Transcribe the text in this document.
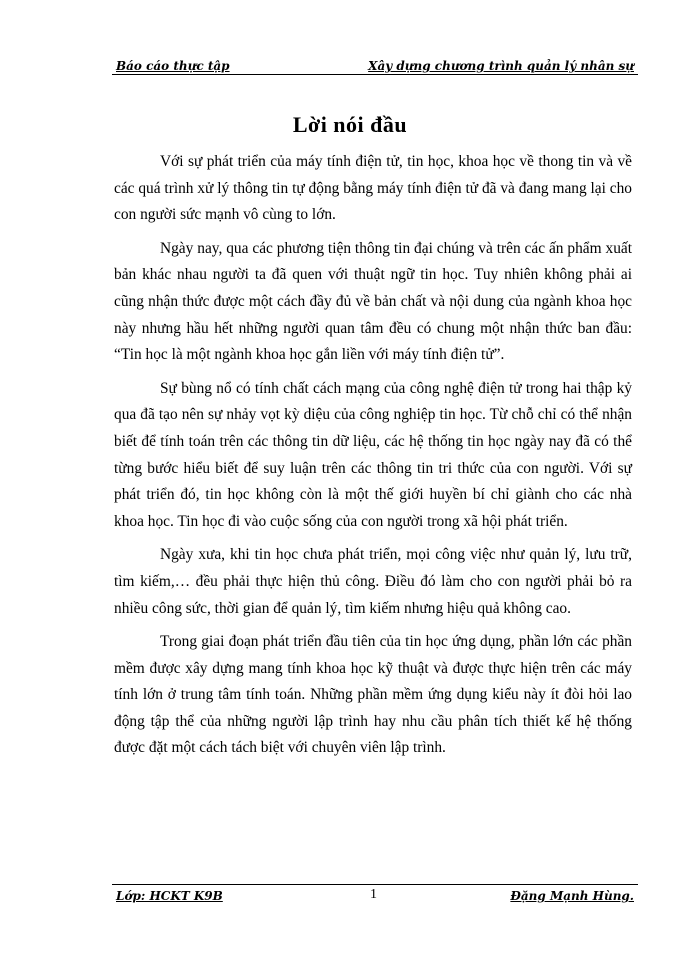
Báo cáo thực tập	Xây dựng chương trình quản lý nhân sự
Lời nói đầu

Với sự phát triển của máy tính điện tử, tin học, khoa học về thong tin và về các quá trình xử lý thông tin tự động bằng máy tính điện tử đã và đang mang lại cho con người sức mạnh vô cùng to lớn.

Ngày nay, qua các phương tiện thông tin đại chúng và trên các ấn phẩm xuất bản khác nhau người ta đã quen với thuật ngữ tin học. Tuy nhiên không phải ai cũng nhận thức được một cách đầy đủ về bản chất và nội dung của ngành khoa học này nhưng hầu hết những người quan tâm đều có chung một nhận thức ban đầu: “Tin học là một ngành khoa học gắn liền với máy tính điện tử”.

Sự bùng nổ có tính chất cách mạng của công nghệ điện tử trong hai thập kỷ qua đã tạo nên sự nhảy vọt kỳ diệu của công nghiệp tin học. Từ chỗ chỉ có thể nhận biết để tính toán trên các thông tin dữ liệu, các hệ thống tin học ngày nay đã có thể từng bước hiểu biết để suy luận trên các thông tin tri thức của con người. Với sự phát triển đó, tin học không còn là một thế giới huyền bí chỉ giành cho các nhà khoa học. Tin học đi vào cuộc sống của con người trong xã hội phát triển.

Ngày xưa, khi tin học chưa phát triển, mọi công việc như quản lý, lưu trữ, tìm kiếm,… đều phải thực hiện thủ công. Điều đó làm cho con người phải bỏ ra nhiều công sức, thời gian để quản lý, tìm kiếm nhưng hiệu quả không cao.

Trong giai đoạn phát triển đầu tiên của tin học ứng dụng, phần lớn các phần mềm được xây dựng mang tính khoa học kỹ thuật và được thực hiện trên các máy tính lớn ở trung tâm tính toán. Những phần mềm ứng dụng kiểu này ít đòi hỏi lao động tập thể của những người lập trình hay nhu cầu phân tích thiết kế hệ thống được đặt một cách tách biệt với chuyên viên lập trình.

Lớp: HCKT K9B	1	Đặng Mạnh Hùng.
